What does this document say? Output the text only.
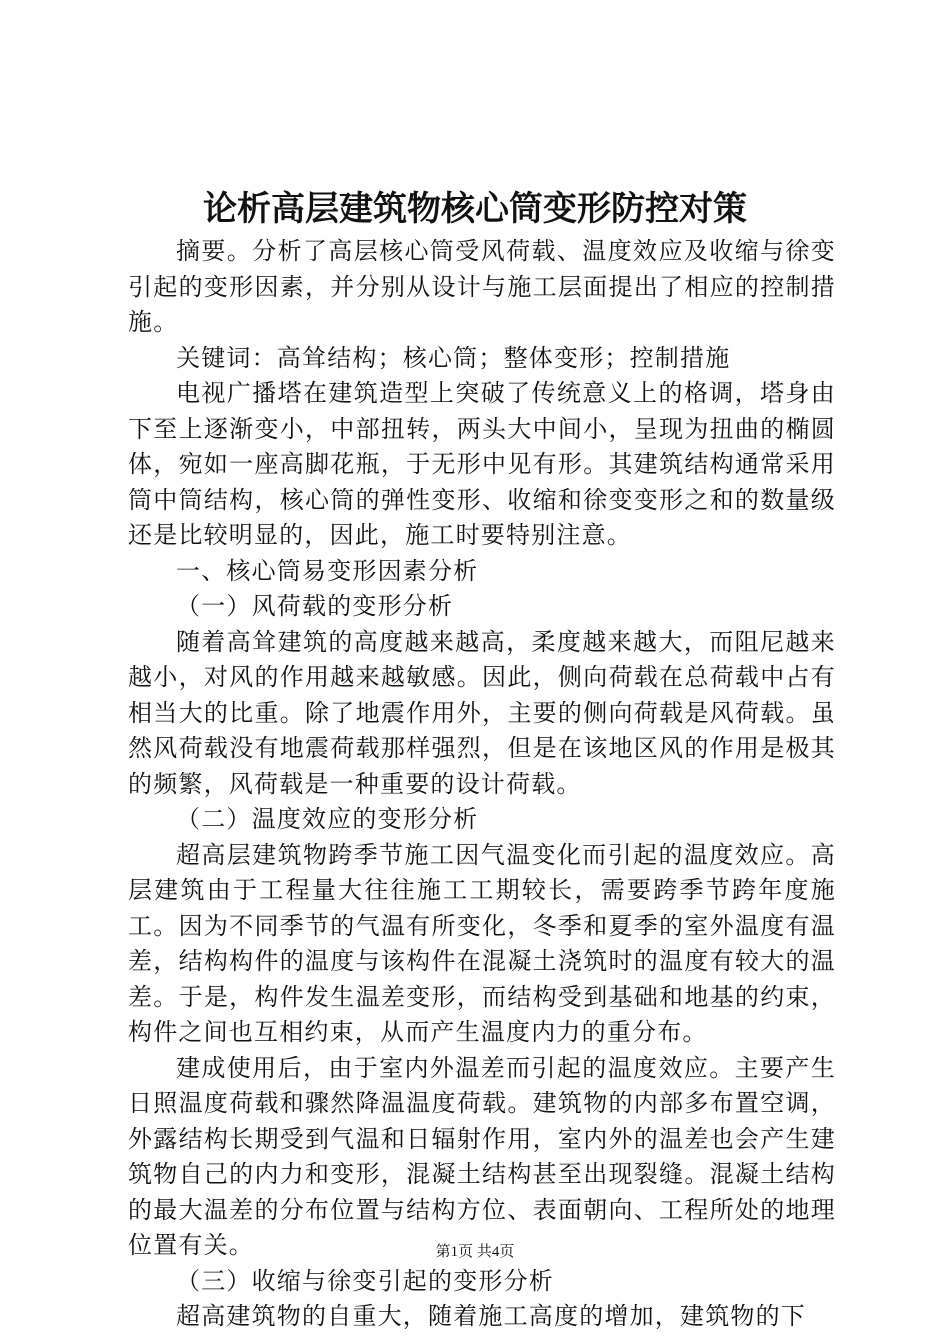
论析高层建筑物核心筒变形防控对策

摘要。分析了高层核心筒受风荷载、温度效应及收缩与徐变引起的变形因素，并分别从设计与施工层面提出了相应的控制措施。

关键词：高耸结构；核心筒；整体变形；控制措施

电视广播塔在建筑造型上突破了传统意义上的格调，塔身由下至上逐渐变小，中部扭转，两头大中间小，呈现为扭曲的椭圆体，宛如一座高脚花瓶，于无形中见有形。其建筑结构通常采用筒中筒结构，核心筒的弹性变形、收缩和徐变变形之和的数量级还是比较明显的，因此，施工时要特别注意。

一、核心筒易变形因素分析

（一）风荷载的变形分析

随着高耸建筑的高度越来越高，柔度越来越大，而阻尼越来越小，对风的作用越来越敏感。因此，侧向荷载在总荷载中占有相当大的比重。除了地震作用外，主要的侧向荷载是风荷载。虽然风荷载没有地震荷载那样强烈，但是在该地区风的作用是极其的频繁，风荷载是一种重要的设计荷载。

（二）温度效应的变形分析

超高层建筑物跨季节施工因气温变化而引起的温度效应。高层建筑由于工程量大往往施工工期较长，需要跨季节跨年度施工。因为不同季节的气温有所变化，冬季和夏季的室外温度有温差，结构构件的温度与该构件在混凝土浇筑时的温度有较大的温差。于是，构件发生温差变形，而结构受到基础和地基的约束，构件之间也互相约束，从而产生温度内力的重分布。

建成使用后，由于室内外温差而引起的温度效应。主要产生日照温度荷载和骤然降温温度荷载。建筑物的内部多布置空调，外露结构长期受到气温和日辐射作用，室内外的温差也会产生建筑物自己的内力和变形，混凝土结构甚至出现裂缝。混凝土结构的最大温差的分布位置与结构方位、表面朝向、工程所处的地理位置有关。

（三）收缩与徐变引起的变形分析

超高建筑物的自重大，随着施工高度的增加，建筑物的下

第1页 共4页
